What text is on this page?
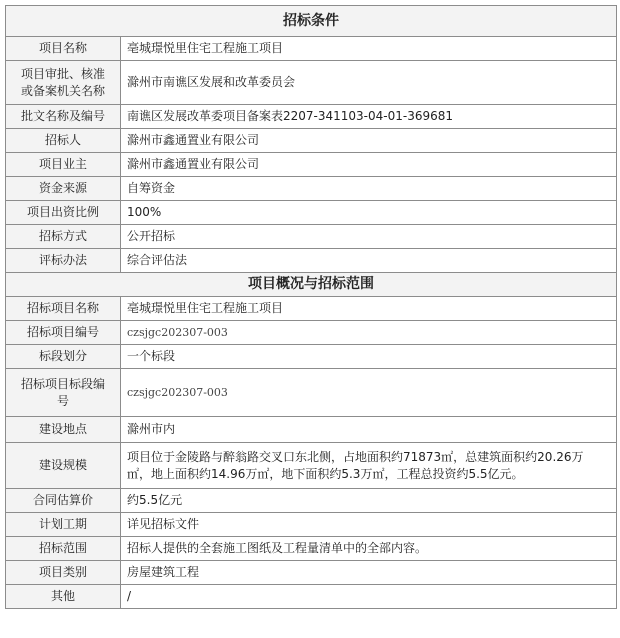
招标条件	
项目名称	亳城璟悦里住宅工程施工项目

项目审批、核准
或备案机关名称	滁州市南谯区发展和改革委员会
批文名称及编号	南谯区发展改革委项目备案表2207-341103-04-01-369681
招标人	滁州市鑫通置业有限公司
项目业主	滁州市鑫通置业有限公司
资金来源	自筹资金
项目出资比例	100%
招标方式	公开招标
评标办法	综合评估法
项目概况与招标范围	
招标项目名称	亳城璟悦里住宅工程施工项目
招标项目编号	czsjgc202307-003
标段划分	一个标段

招标项目标段编
号	czsjgc202307-003
建设地点	滁州市内
建设规模	项目位于金陵路与醉翁路交叉口东北侧，占地面积约71873㎡，总建筑面积约20.26万
㎡，地上面积约14.96万㎡，地下面积约5.3万㎡，工程总投资约5.5亿元。

合同估算价	约5.5亿元
计划工期	详见招标文件
招标范围	招标人提供的全套施工图纸及工程量清单中的全部内容。
项目类别	房屋建筑工程
其他	/
